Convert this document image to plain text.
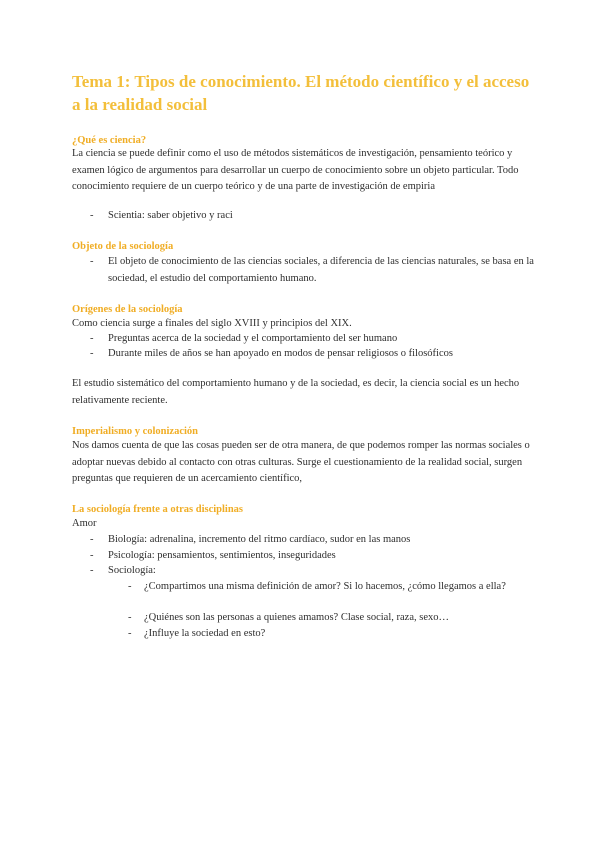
Tema 1: Tipos de conocimiento. El método científico y el acceso a la realidad social
¿Qué es ciencia?

La ciencia se puede definir como el uso de métodos sistemáticos de investigación, pensamiento teórico y examen lógico de argumentos para desarrollar un cuerpo de conocimiento sobre un objeto particular. Todo conocimiento requiere de un cuerpo teórico y de una parte de investigación de empiria

-	Scientia: saber objetivo y raci
Objeto de la sociología
-	El objeto de conocimiento de las ciencias sociales, a diferencia de las ciencias naturales, se basa en la sociedad, el estudio del comportamiento humano.
Orígenes de la sociología

Como ciencia surge a finales del siglo XVIII y principios del XIX.

-	Preguntas acerca de la sociedad y el comportamiento del ser humano
-	Durante miles de años se han apoyado en modos de pensar religiosos o filosóficos

El estudio sistemático del comportamiento humano y de la sociedad, es decir, la ciencia social es un hecho relativamente reciente.

Imperialismo y colonización

Nos damos cuenta de que las cosas pueden ser de otra manera, de que podemos romper las normas sociales o adoptar nuevas debido al contacto con otras culturas. Surge el cuestionamiento de la realidad social, surgen preguntas que requieren de un acercamiento científico,

La sociología frente a otras disciplinas

Amor

-	Biología: adrenalina, incremento del ritmo cardíaco, sudor en las manos
-	Psicología: pensamientos, sentimientos, inseguridades
-	Sociología:
-	¿Compartimos una misma definición de amor? Si lo hacemos, ¿cómo llegamos a ella?
-	¿Quiénes son las personas a quienes amamos? Clase social, raza, sexo…
-	¿Influye la sociedad en esto?
